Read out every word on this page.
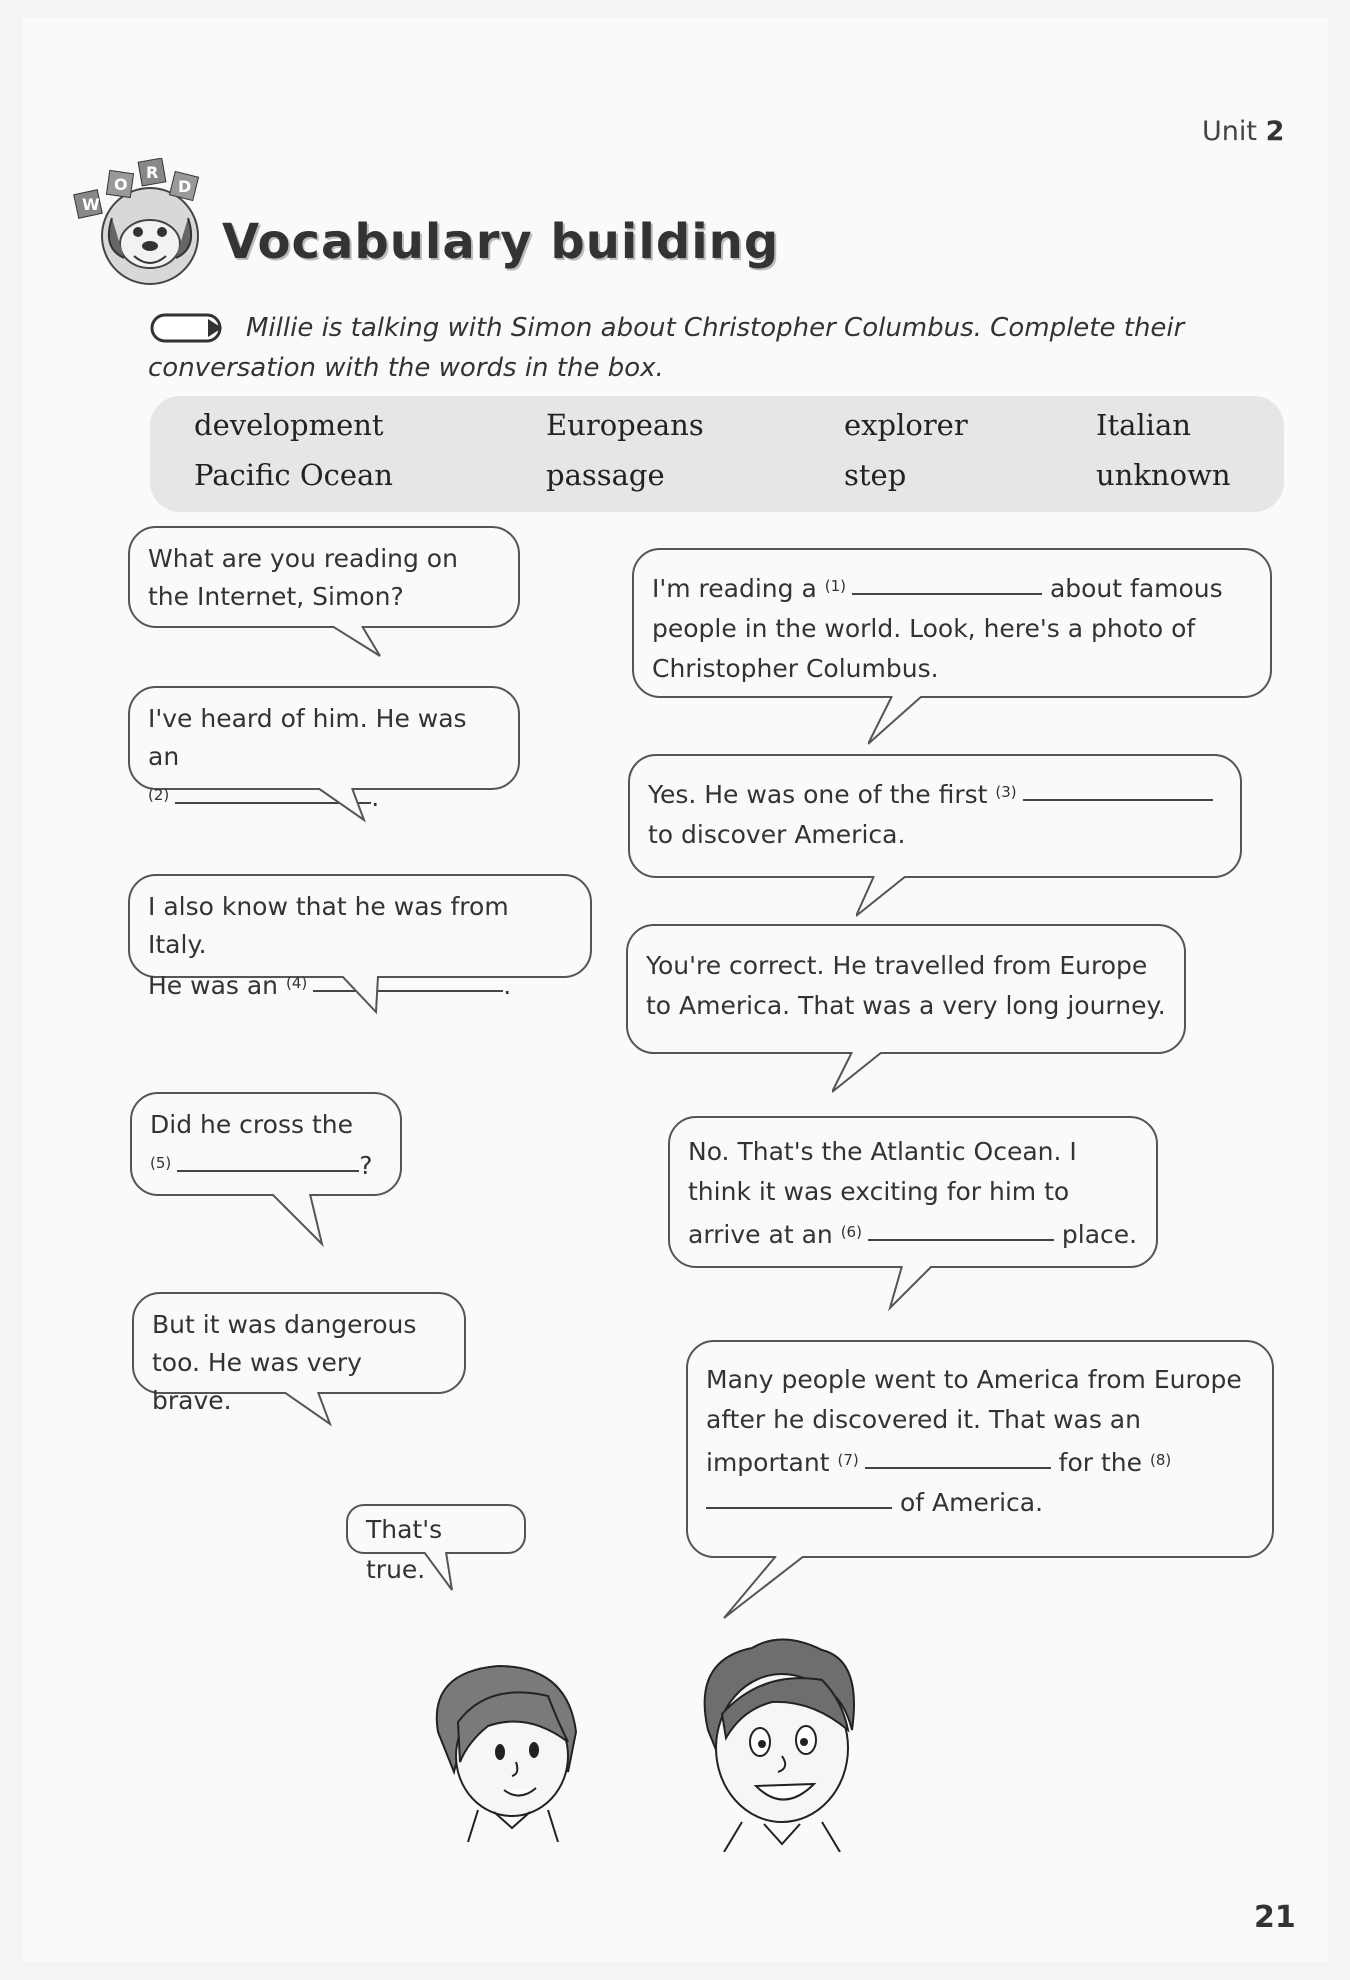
Unit 2
W
O
R
D
Vocabulary building
Millie is talking with Simon about Christopher Columbus. Complete their conversation with the words in the box.
development	Europeans	explorer	Italian
Pacific Ocean	passage	step	unknown
What are you reading on the Internet, Simon?
I've heard of him. He was an
$^{(2)}$	.
I also know that he was from Italy.
He was an $^{(4)}$	.
Did he cross the
$^{(5)}$	?
But it was dangerous too. He was very brave.
That's true.
I'm reading a $^{(1)}$	about famous people in the world. Look, here's a photo of Christopher Columbus.
Yes. He was one of the first $^{(3)}$ to discover America.
You're correct. He travelled from Europe to America. That was a very long journey.
No. That's the Atlantic Ocean. I think it was exciting for him to arrive at an $^{(6)}$	place.
Many people went to America from Europe after he discovered it. That was an important $^{(7)}$	for the $^{(8)}$ of America.
21
